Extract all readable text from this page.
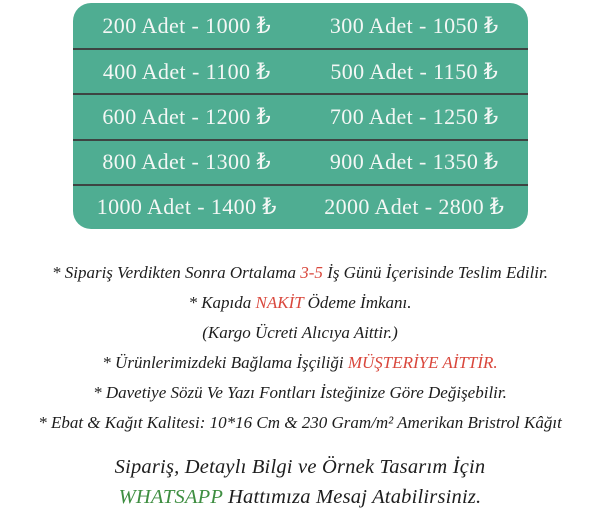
200 Adet - 1000 ₺	300 Adet - 1050 ₺
400 Adet - 1100 ₺	500 Adet - 1150 ₺
600 Adet - 1200 ₺	700 Adet - 1250 ₺
800 Adet - 1300 ₺	900 Adet - 1350 ₺
1000 Adet - 1400 ₺	2000 Adet - 2800 ₺
* Sipariş Verdikten Sonra Ortalama 3-5 İş Günü İçerisinde Teslim Edilir.
* Kapıda NAKİT Ödeme İmkanı.
(Kargo Ücreti Alıcıya Aittir.)
* Ürünlerimizdeki Bağlama İşçiliği MÜŞTERİYE AİTTİR.
* Davetiye Sözü Ve Yazı Fontları İsteğinize Göre Değişebilir.
* Ebat & Kağıt Kalitesi: 10*16 Cm & 230 Gram/m² Amerikan Bristrol Kâğıt
Sipariş, Detaylı Bilgi ve Örnek Tasarım İçin
WHATSAPP Hattımıza Mesaj Atabilirsiniz.
